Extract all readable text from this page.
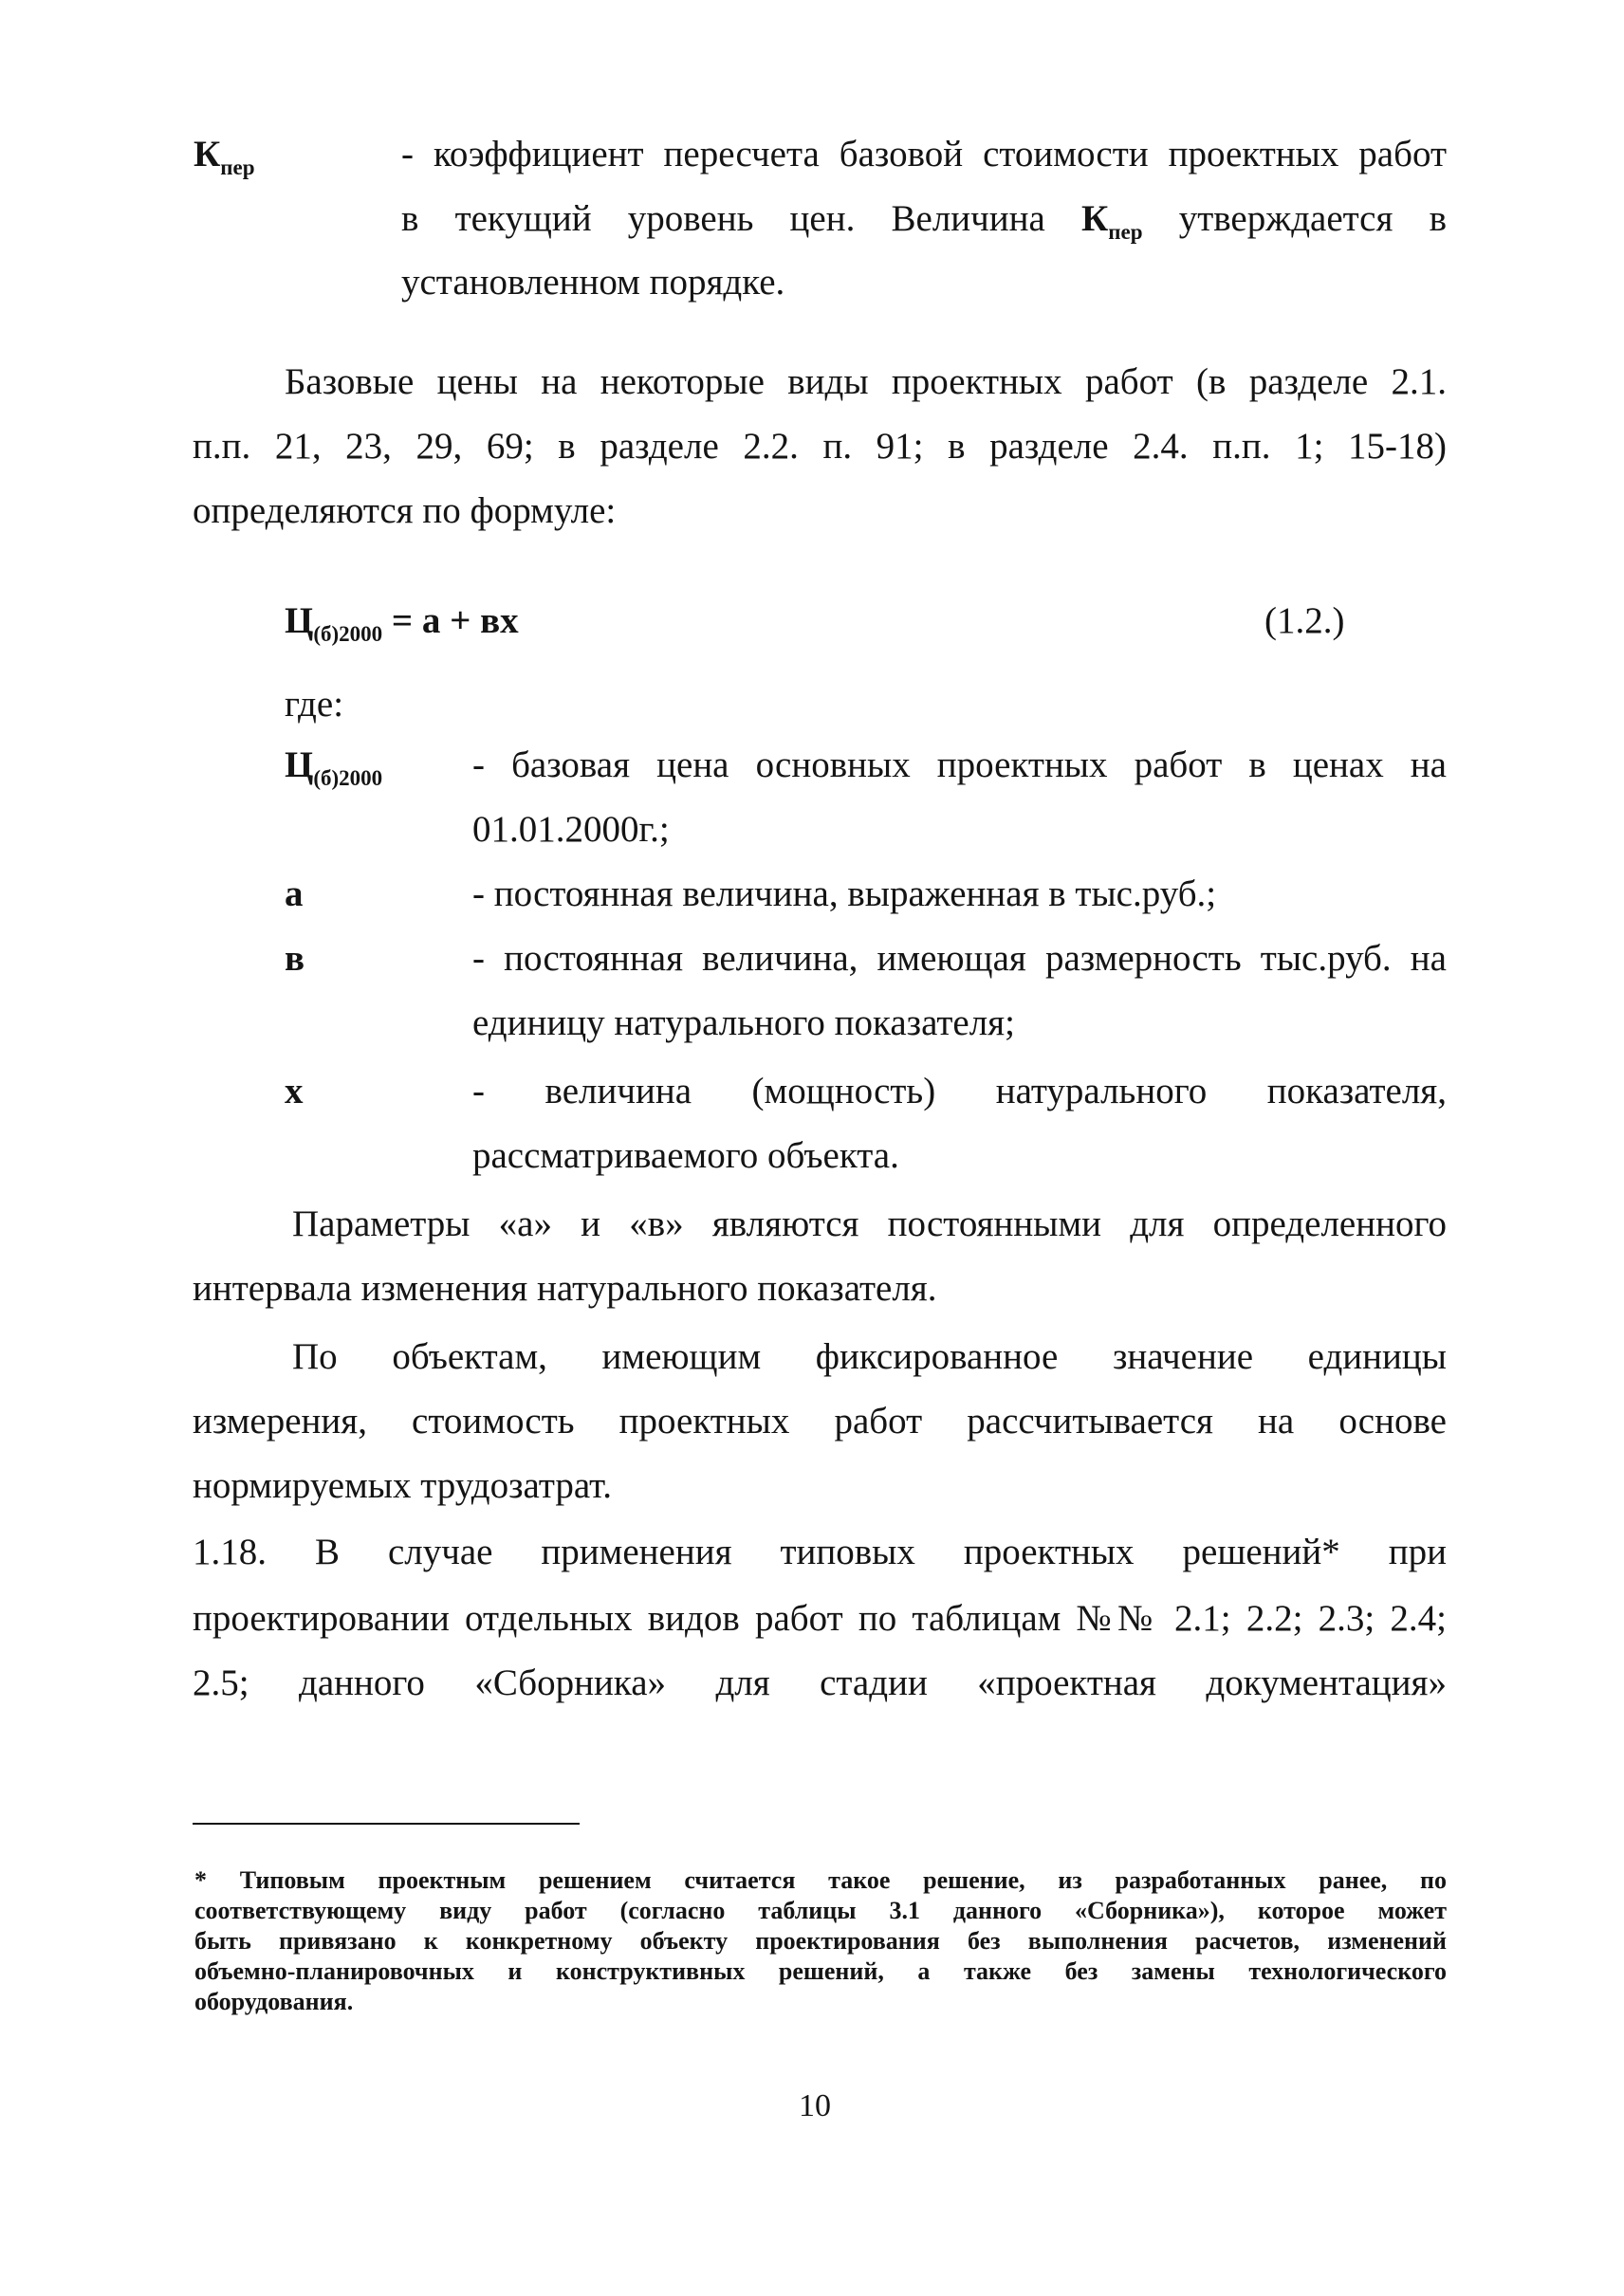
$К_{пер}$	- коэффициент пересчета базовой стоимости проектных работ
в текущий уровень цен. Величина $К_{пер}$ утверждается в
установленном порядке.
Базовые цены на некоторые виды проектных работ (в разделе 2.1.
п.п. 21, 23, 29, 69; в разделе 2.2. п. 91; в разделе 2.4. п.п. 1; 15-18)
определяются по формуле:
$Ц_{(б)2000} = а$ + вх	(1.2.)
где:
$Ц_{(б)2000}$ - базовая цена основных проектных работ в ценах на
01.01.2000г.;
а	- постоянная величина, выраженная в тыс.руб.;
в	- постоянная величина, имеющая размерность тыс.руб. на
единицу натурального показателя;
х	- величина (мощность) натурального показателя,
рассматриваемого объекта.
Параметры «а» и «в» являются постоянными для определенного
интервала изменения натурального показателя.
По объектам, имеющим фиксированное значение единицы
измерения, стоимость проектных работ рассчитывается на основе
нормируемых трудозатрат.
1.18. В случае применения типовых проектных решений* при
проектировании отдельных видов работ по таблицам №№ 2.1; 2.2; 2.3; 2.4;
2.5; данного «Сборника» для стадии «проектная документация»
* Типовым проектным решением считается такое решение, из разработанных ранее, по
соответствующему виду работ (согласно таблицы 3.1 данного «Сборника»), которое может
быть привязано к конкретному объекту проектирования без выполнения расчетов, изменений
объемно-планировочных и конструктивных решений, а также без замены технологического
оборудования.
10
